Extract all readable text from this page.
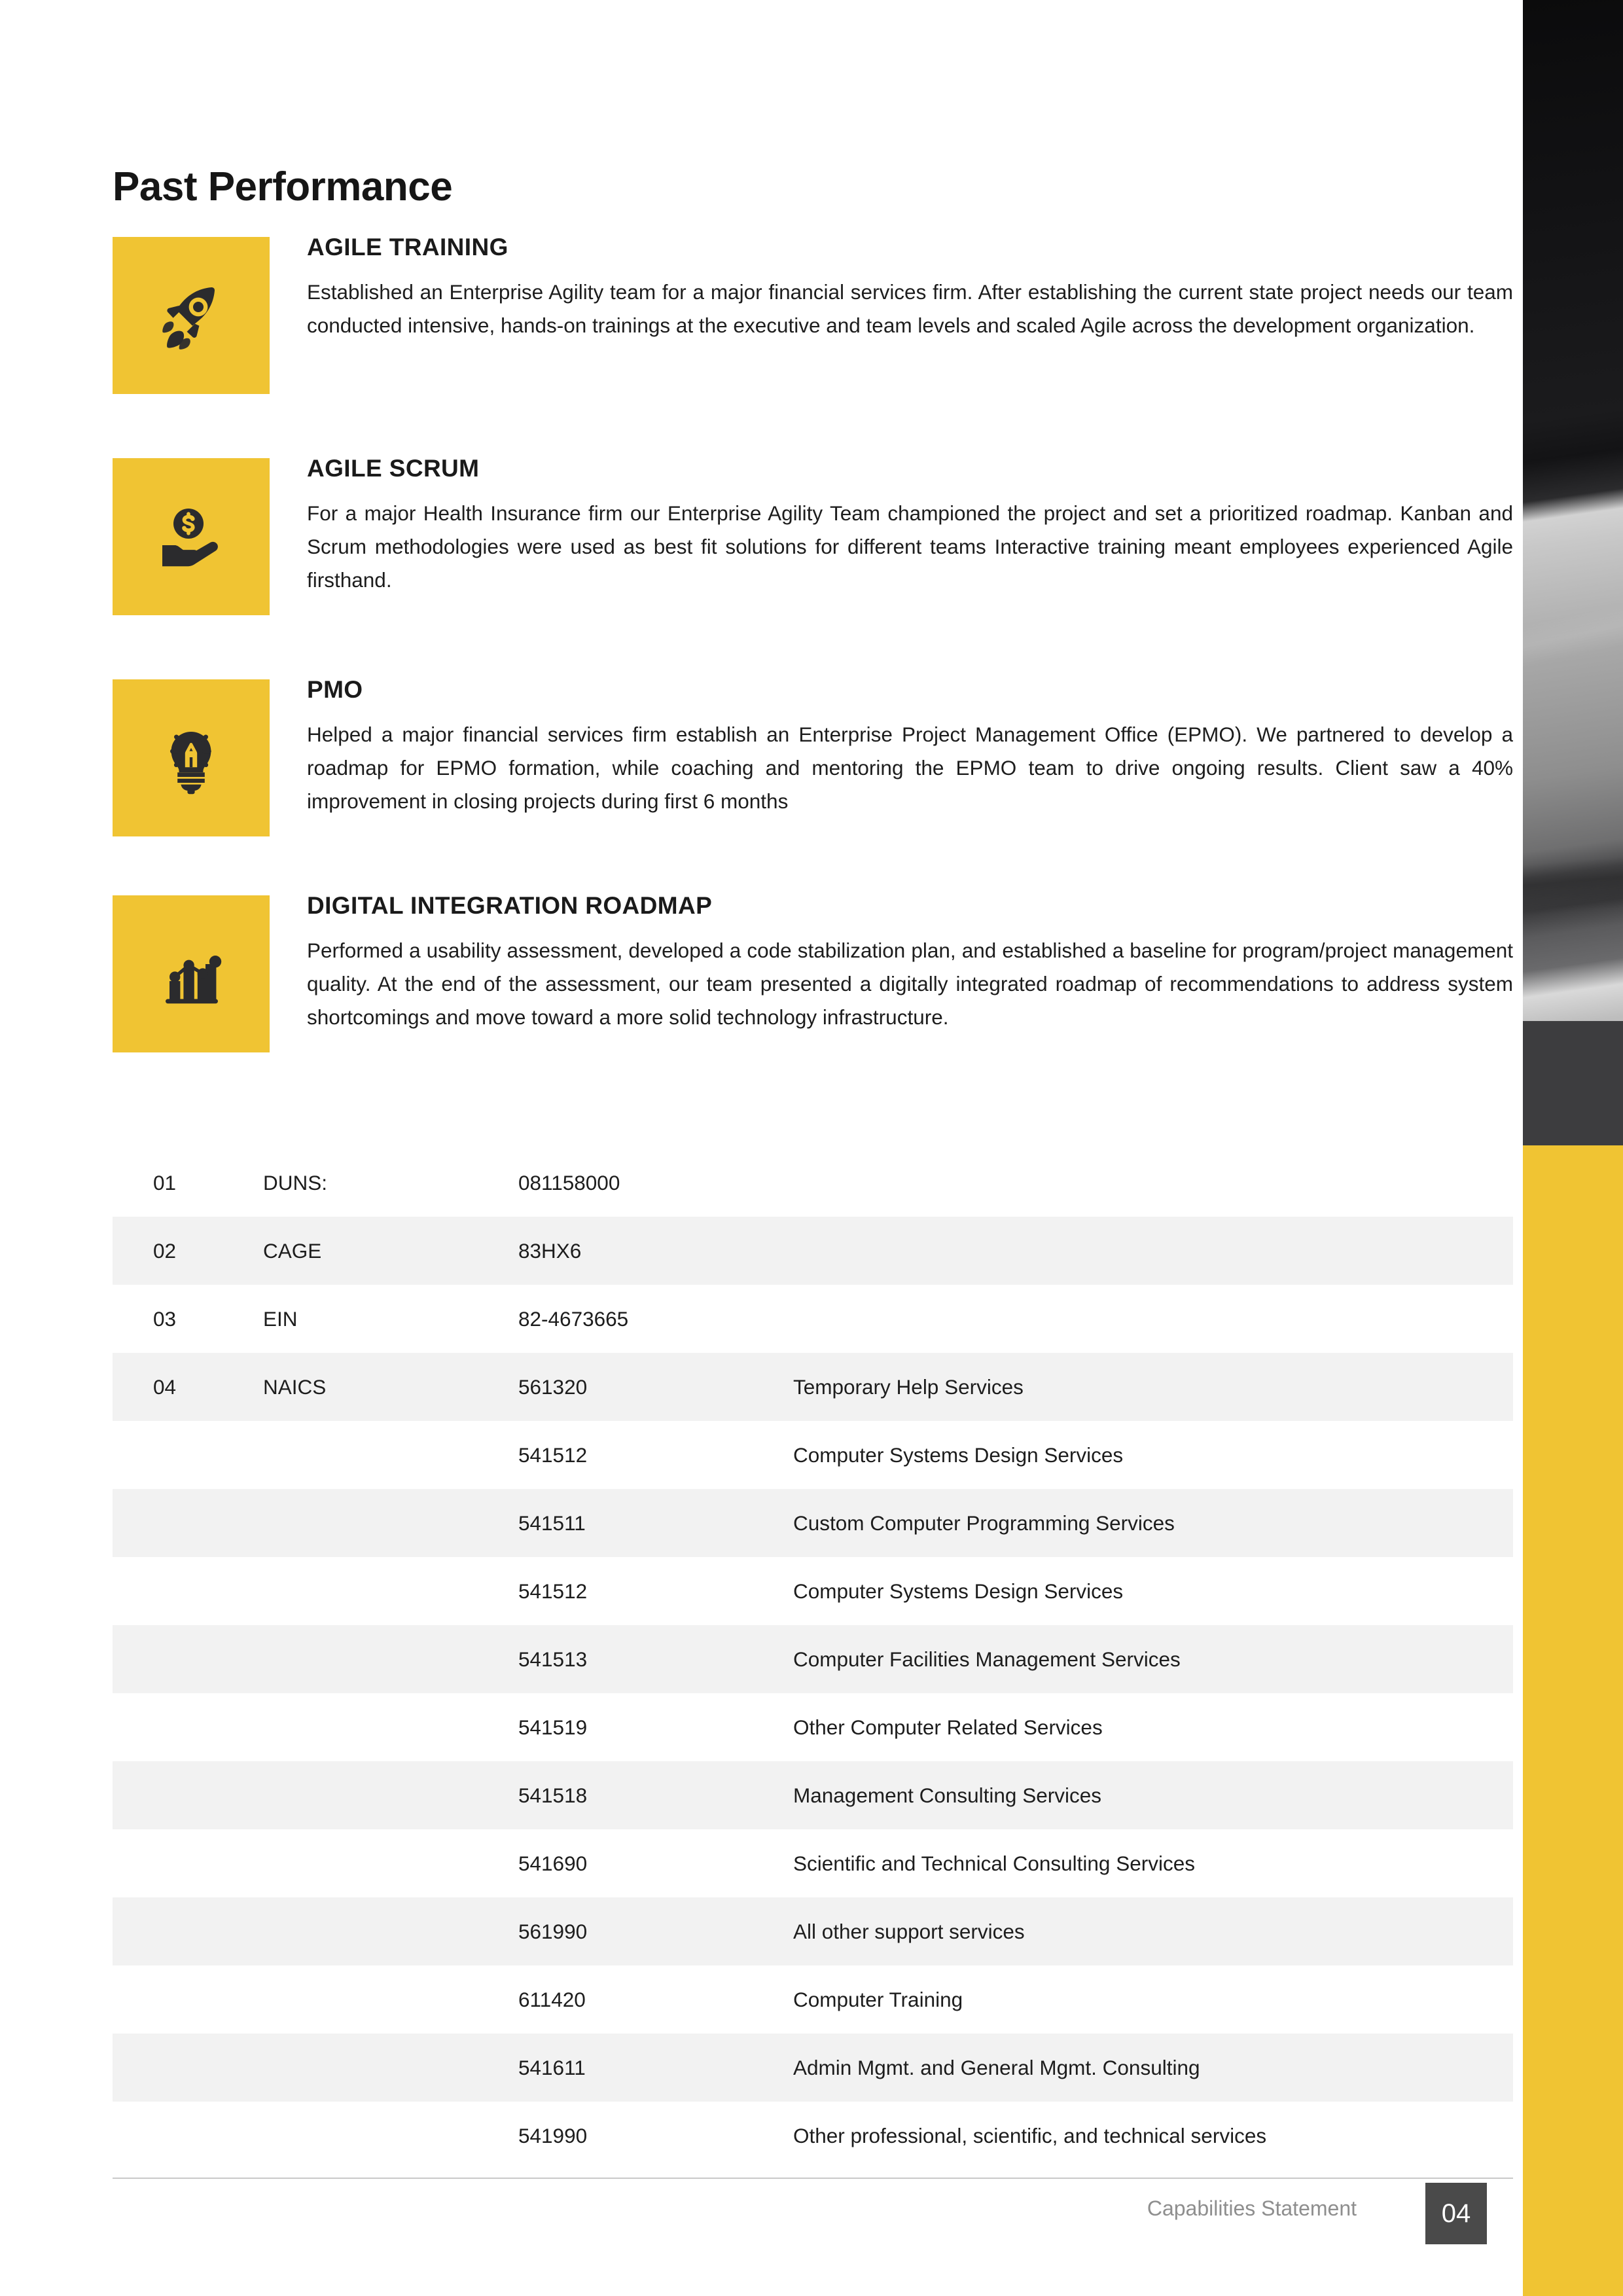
Past Performance
AGILE TRAINING

Established an Enterprise Agility team for a major financial services firm. After establishing the current state project needs our team conducted intensive, hands-on trainings at the executive and team levels and scaled Agile across the development organization.

AGILE SCRUM

For a major Health Insurance firm our Enterprise Agility Team championed the project and set a prioritized roadmap. Kanban and Scrum methodologies were used as best fit solutions for different teams Interactive training meant employees experienced Agile firsthand.

PMO

Helped a major financial services firm establish an Enterprise Project Management Office (EPMO). We partnered to develop a roadmap for EPMO formation, while coaching and mentoring the EPMO team to drive ongoing results. Client saw a 40% improvement in closing projects during first 6 months

DIGITAL INTEGRATION ROADMAP

Performed a usability assessment, developed a code stabilization plan, and established a baseline for program/project management quality. At the end of the assessment, our team presented a digitally integrated roadmap of recommendations to address system shortcomings and move toward a more solid technology infrastructure.

01	DUNS:	081158000	
02	CAGE	83HX6	
03	EIN	82-4673665	
04	NAICS	561320	Temporary Help Services
		541512	Computer Systems Design Services
		541511	Custom Computer Programming Services
		541512	Computer Systems Design Services
		541513	Computer Facilities Management Services
		541519	Other Computer Related Services
		541518	Management Consulting Services
		541690	Scientific and Technical Consulting Services
		561990	All other support services
		611420	Computer Training
		541611	Admin Mgmt. and General Mgmt. Consulting
		541990	Other professional, scientific, and technical services
Capabilities Statement	04
